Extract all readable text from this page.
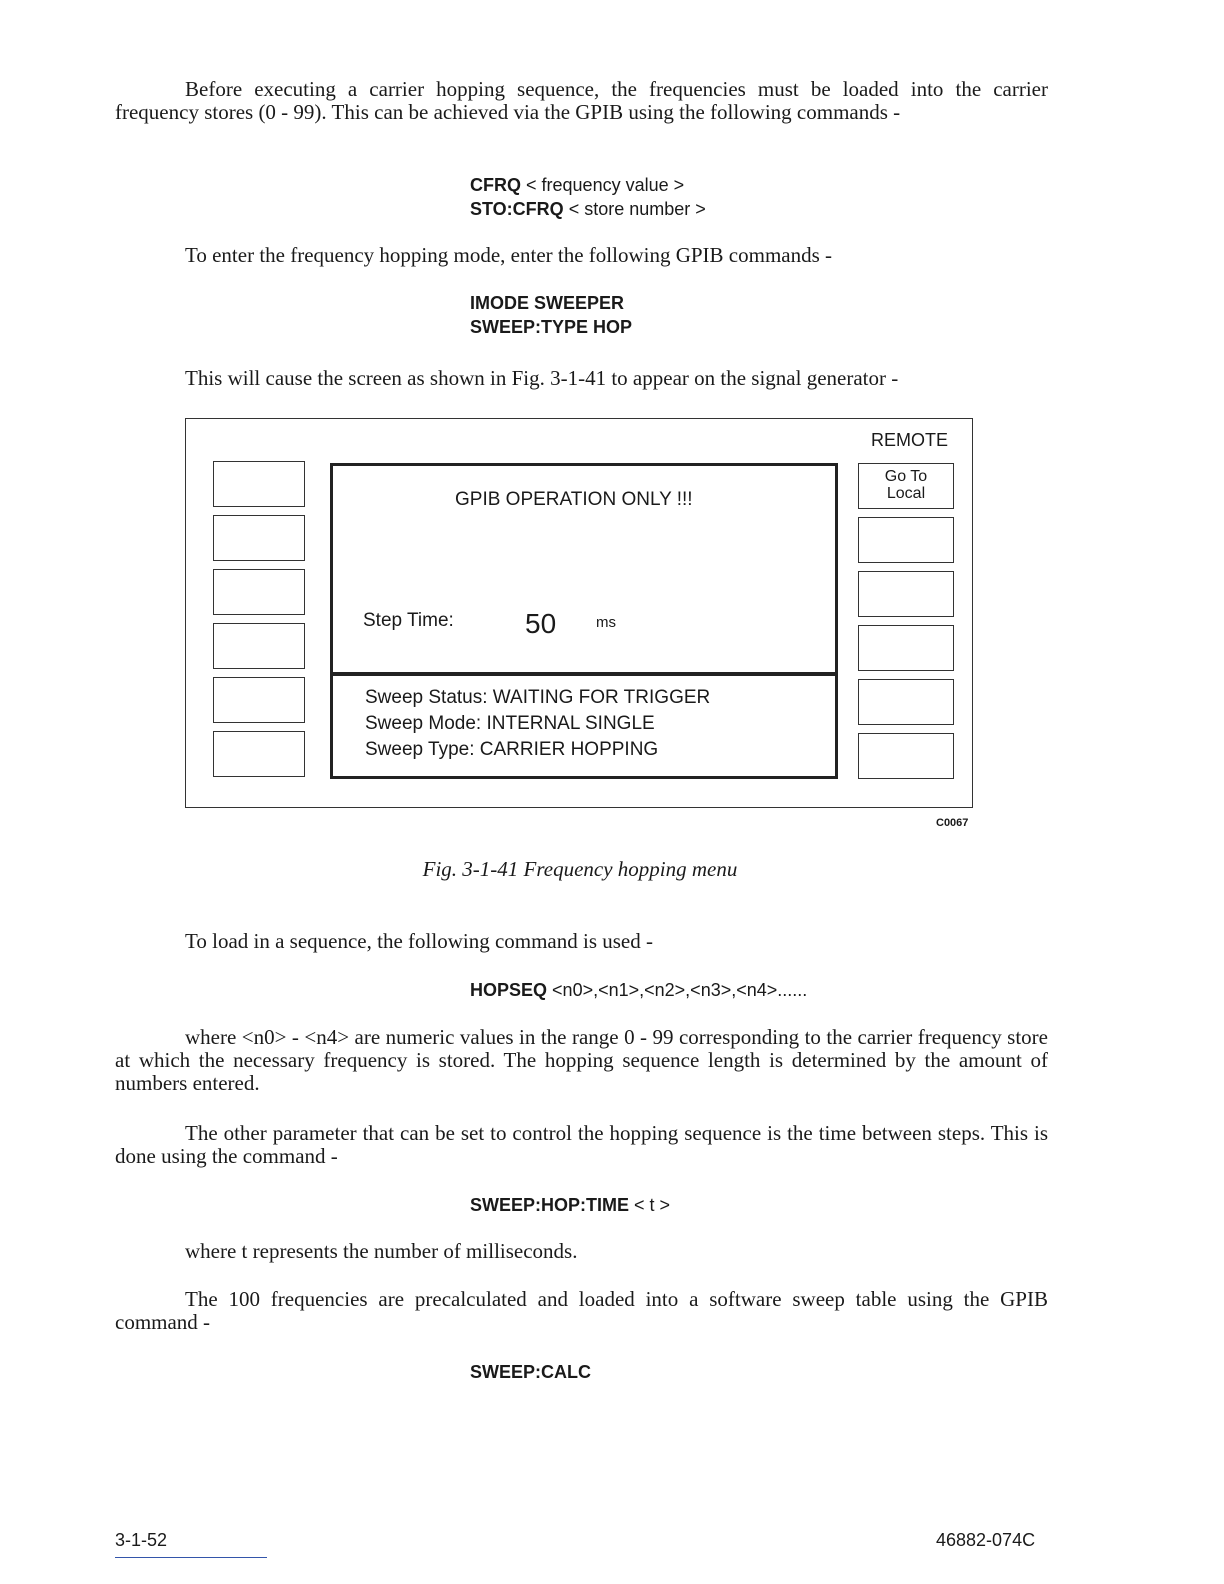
Before executing a carrier hopping sequence, the frequencies must be loaded into the carrier frequency stores (0 - 99). This can be achieved via the GPIB using the following commands -
CFRQ < frequency value >
STO:CFRQ < store number >
To enter the frequency hopping mode, enter the following GPIB commands -
IMODE SWEEPER
SWEEP:TYPE HOP
This will cause the screen as shown in Fig. 3-1-41 to appear on the signal generator -
REMOTE
Go To
Local
GPIB OPERATION ONLY !!!
Step Time:	50	ms
Sweep Status: WAITING FOR TRIGGER
Sweep Mode: INTERNAL SINGLE
Sweep Type: CARRIER HOPPING
C0067
Fig. 3-1-41 Frequency hopping menu
To load in a sequence, the following command is used -
HOPSEQ <n0>,<n1>,<n2>,<n3>,<n4>......
where <n0> - <n4> are numeric values in the range 0 - 99 corresponding to the carrier frequency store at which the necessary frequency is stored. The hopping sequence length is determined by the amount of numbers entered.
The other parameter that can be set to control the hopping sequence is the time between steps. This is done using the command -
SWEEP:HOP:TIME < t >
where t represents the number of milliseconds.
The 100 frequencies are precalculated and loaded into a software sweep table using the GPIB command -
SWEEP:CALC
3-1-52	46882-074C
